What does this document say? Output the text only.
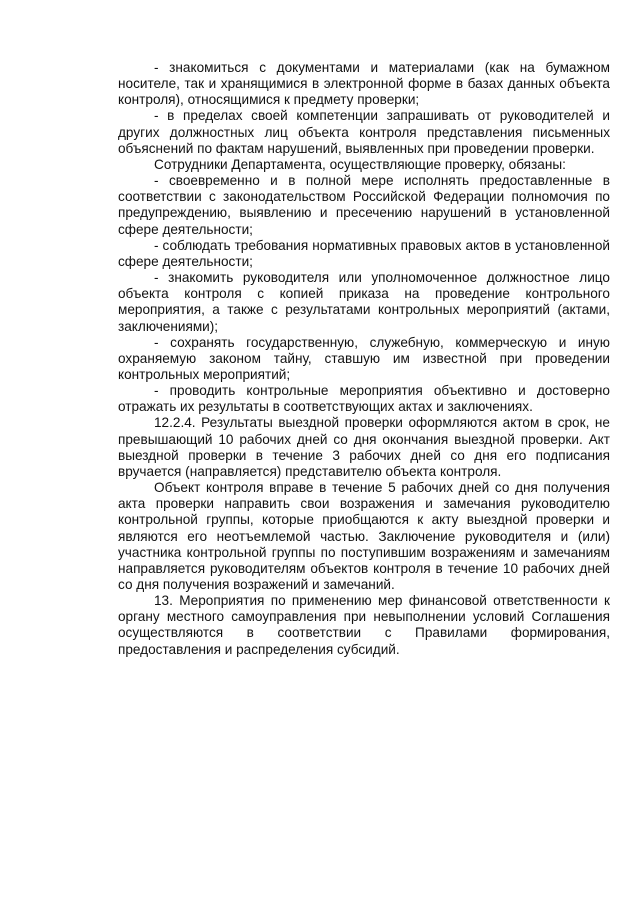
- знакомиться с документами и материалами (как на бумажном носителе, так и хранящимися в электронной форме в базах данных объекта контроля), относящимися к предмету проверки;

- в пределах своей компетенции запрашивать от руководителей и других должностных лиц объекта контроля представления письменных объяснений по фактам нарушений, выявленных при проведении проверки.

Сотрудники Департамента, осуществляющие проверку, обязаны:

- своевременно и в полной мере исполнять предоставленные в соответствии с законодательством Российской Федерации полномочия по предупреждению, выявлению и пресечению нарушений в установленной сфере деятельности;

- соблюдать требования нормативных правовых актов в установленной сфере деятельности;

- знакомить руководителя или уполномоченное должностное лицо объекта контроля с копией приказа на проведение контрольного мероприятия, а также с результатами контрольных мероприятий (актами, заключениями);

- сохранять государственную, служебную, коммерческую и иную охраняемую законом тайну, ставшую им известной при проведении контрольных мероприятий;

- проводить контрольные мероприятия объективно и достоверно отражать их результаты в соответствующих актах и заключениях.

12.2.4. Результаты выездной проверки оформляются актом в срок, не превышающий 10 рабочих дней со дня окончания выездной проверки. Акт выездной проверки в течение 3 рабочих дней со дня его подписания вручается (направляется) представителю объекта контроля.

Объект контроля вправе в течение 5 рабочих дней со дня получения акта проверки направить свои возражения и замечания руководителю контрольной группы, которые приобщаются к акту выездной проверки и являются его неотъемлемой частью. Заключение руководителя и (или) участника контрольной группы по поступившим возражениям и замечаниям направляется руководителям объектов контроля в течение 10 рабочих дней со дня получения возражений и замечаний.

13. Мероприятия по применению мер финансовой ответственности к органу местного самоуправления при невыполнении условий Соглашения осуществляются в соответствии с Правилами формирования, предоставления и распределения субсидий.
